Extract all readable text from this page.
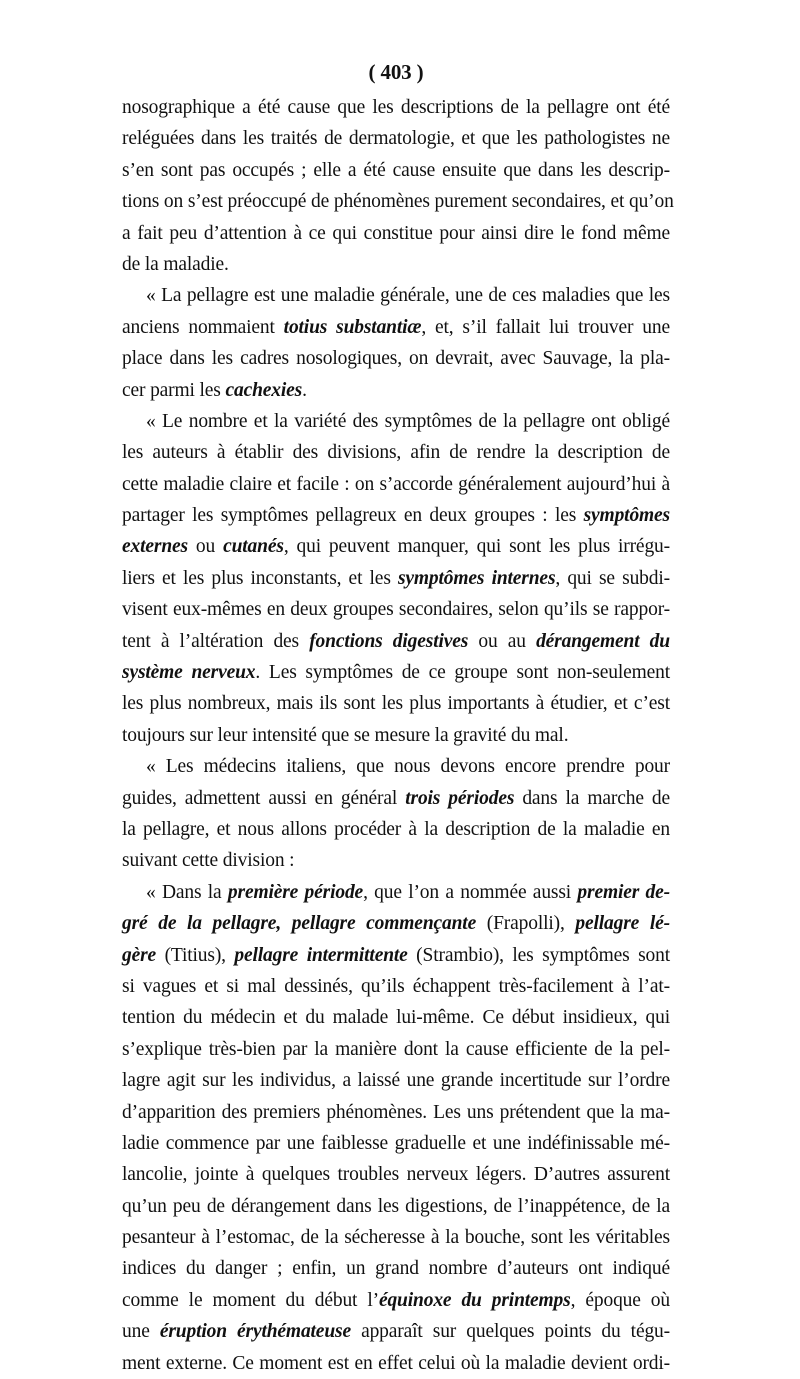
( 403 )
nosographique a été cause que les descriptions de la pellagre ont été
reléguées dans les traités de dermatologie, et que les pathologistes ne
s’en sont pas occupés ; elle a été cause ensuite que dans les descrip-
tions on s’est préoccupé de phénomènes purement secondaires, et qu’on
a fait peu d’attention à ce qui constitue pour ainsi dire le fond même
de la maladie.
« La pellagre est une maladie générale, une de ces maladies que les
anciens nommaient totius substantiæ, et, s’il fallait lui trouver une
place dans les cadres nosologiques, on devrait, avec Sauvage, la pla-
cer parmi les cachexies.
« Le nombre et la variété des symptômes de la pellagre ont obligé
les auteurs à établir des divisions, afin de rendre la description de
cette maladie claire et facile : on s’accorde généralement aujourd’hui à
partager les symptômes pellagreux en deux groupes : les symptômes
externes ou cutanés, qui peuvent manquer, qui sont les plus irrégu-
liers et les plus inconstants, et les symptômes internes, qui se subdi-
visent eux-mêmes en deux groupes secondaires, selon qu’ils se rappor-
tent à l’altération des fonctions digestives ou au dérangement du
système nerveux. Les symptômes de ce groupe sont non-seulement
les plus nombreux, mais ils sont les plus importants à étudier, et c’est
toujours sur leur intensité que se mesure la gravité du mal.
« Les médecins italiens, que nous devons encore prendre pour
guides, admettent aussi en général trois périodes dans la marche de
la pellagre, et nous allons procéder à la description de la maladie en
suivant cette division :
« Dans la première période, que l’on a nommée aussi premier de-
gré de la pellagre, pellagre commençante (Frapolli), pellagre lé-
gère (Titius), pellagre intermittente (Strambio), les symptômes sont
si vagues et si mal dessinés, qu’ils échappent très-facilement à l’at-
tention du médecin et du malade lui-même. Ce début insidieux, qui
s’explique très-bien par la manière dont la cause efficiente de la pel-
lagre agit sur les individus, a laissé une grande incertitude sur l’ordre
d’apparition des premiers phénomènes. Les uns prétendent que la ma-
ladie commence par une faiblesse graduelle et une indéfinissable mé-
lancolie, jointe à quelques troubles nerveux légers. D’autres assurent
qu’un peu de dérangement dans les digestions, de l’inappétence, de la
pesanteur à l’estomac, de la sécheresse à la bouche, sont les véritables
indices du danger ; enfin, un grand nombre d’auteurs ont indiqué
comme le moment du début l’équinoxe du printemps, époque où
une éruption érythémateuse apparaît sur quelques points du tégu-
ment externe. Ce moment est en effet celui où la maladie devient ordi-
